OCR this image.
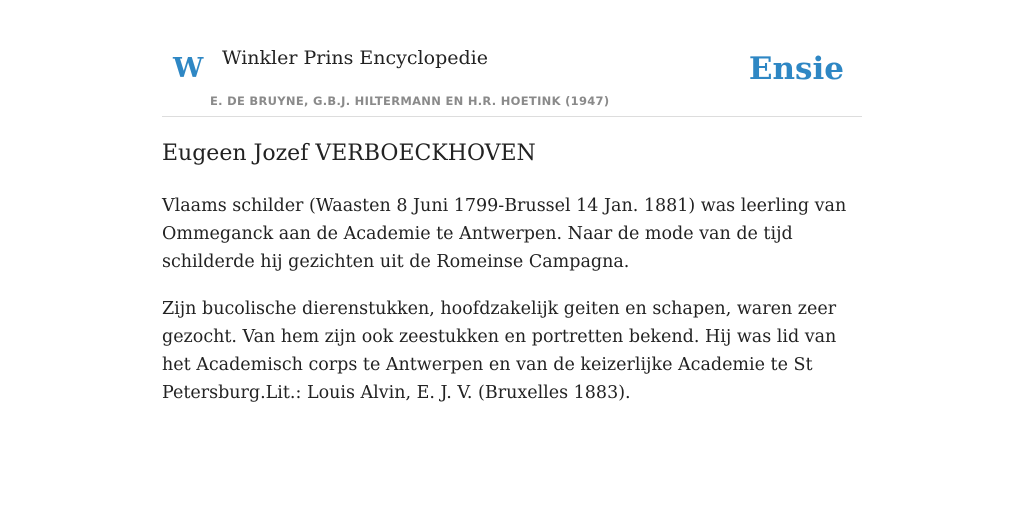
W Winkler Prins Encyclopedie
E. DE BRUYNE, G.B.J. HILTERMANN EN H.R. HOETINK (1947)
Ensie
Eugeen Jozef VERBOECKHOVEN

Vlaams schilder (Waasten 8 Juni 1799-Brussel 14 Jan. 1881) was leerling van Ommeganck aan de Academie te Antwerpen. Naar de mode van de tijd schilderde hij gezichten uit de Romeinse Campagna.

Zijn bucolische dierenstukken, hoofdzakelijk geiten en schapen, waren zeer gezocht. Van hem zijn ook zeestukken en portretten bekend. Hij was lid van het Academisch corps te Antwerpen en van de keizerlijke Academie te St Petersburg.Lit.: Louis Alvin, E. J. V. (Bruxelles 1883).
